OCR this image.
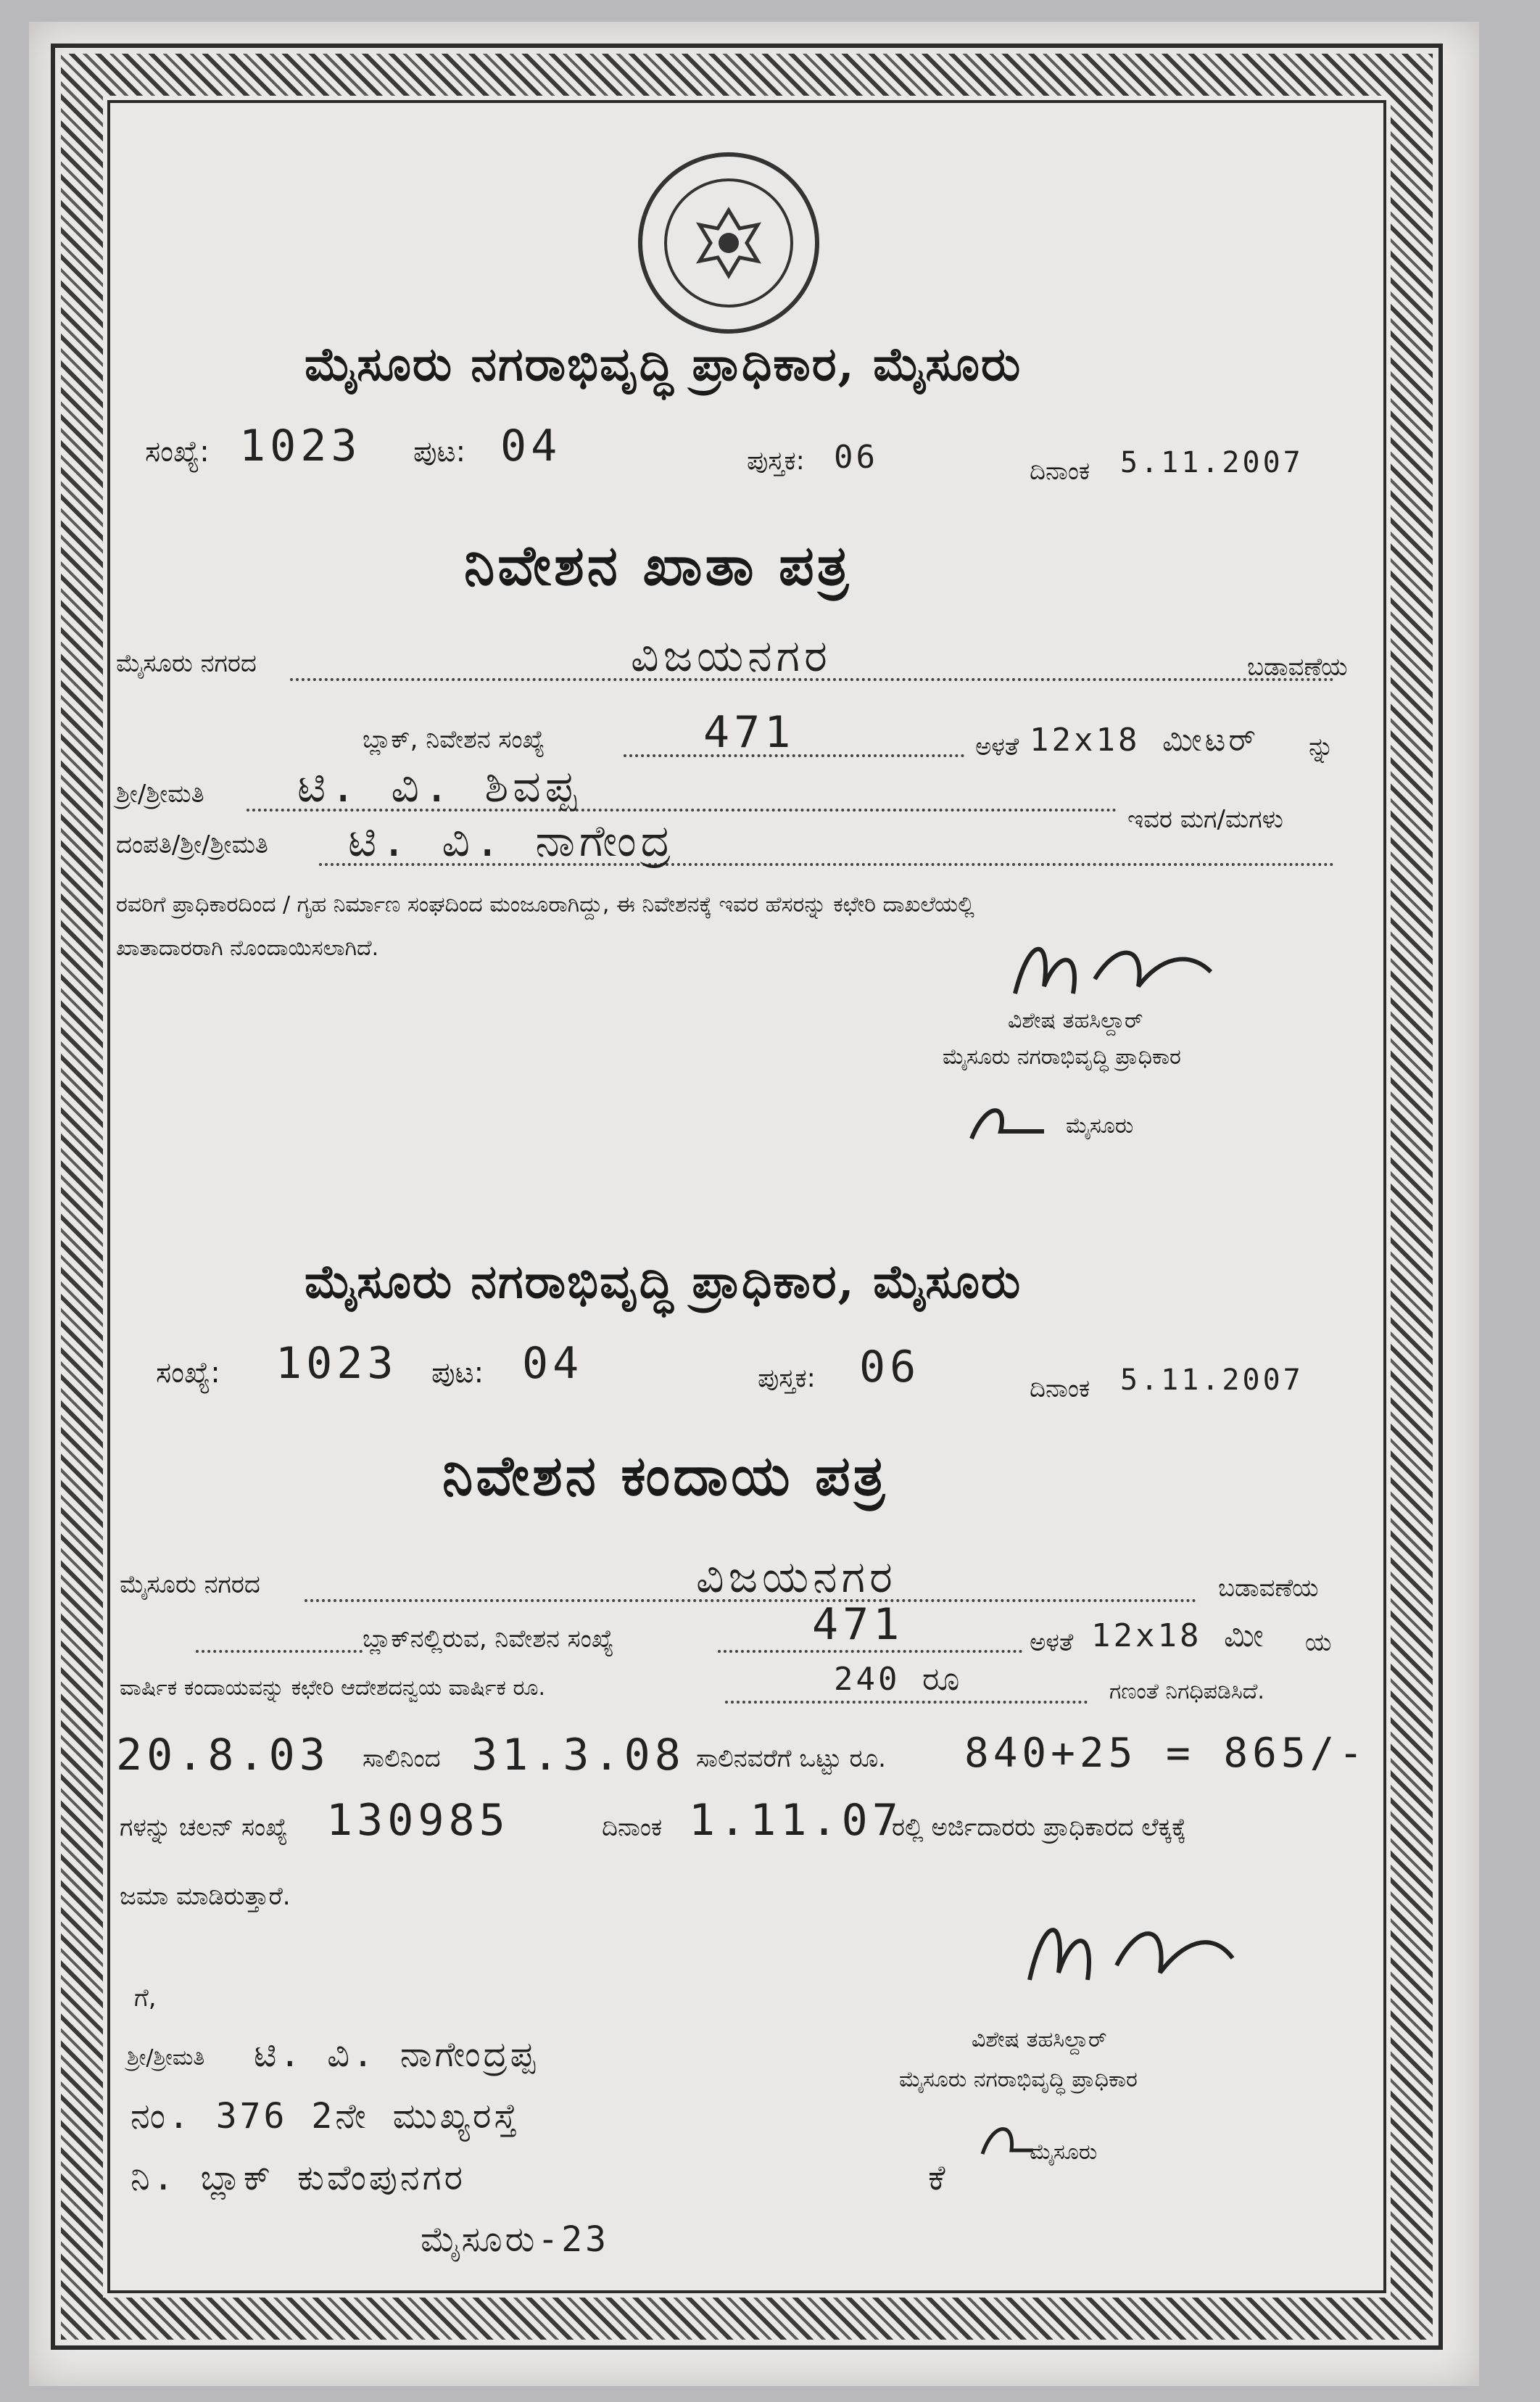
ಮೈಸೂರು ನಗರಾಭಿವೃದ್ಧಿ ಪ್ರಾಧಿಕಾರ, ಮೈಸೂರು
ಸಂಖ್ಯೆ: 1023 ಪುಟ: 04	ಪುಸ್ತಕ: 06	ದಿನಾಂಕ 5.11.2007
ನಿವೇಶನ ಖಾತಾ ಪತ್ರ
ಮೈಸೂರು ನಗರದ	ವಿಜಯನಗರ	ಬಡಾವಣೆಯ
ಬ್ಲಾಕ್, ನಿವೇಶನ ಸಂಖ್ಯೆ	471	ಅಳತೆ 12x18 ಮೀಟರ್ ನ್ನು
ಶ್ರೀ/ಶ್ರೀಮತಿ ಟಿ. ವಿ. ಶಿವಪ್ಪ
ಇವರ ಮಗ/ಮಗಳು
ದಂಪತಿ/ಶ್ರೀ/ಶ್ರೀಮತಿ ಟಿ. ವಿ. ನಾಗೇಂದ್ರ
ರವರಿಗೆ ಪ್ರಾಧಿಕಾರದಿಂದ / ಗೃಹ ನಿರ್ಮಾಣ ಸಂಘದಿಂದ ಮಂಜೂರಾಗಿದ್ದು, ಈ ನಿವೇಶನಕ್ಕೆ ಇವರ ಹೆಸರನ್ನು ಕಛೇರಿ ದಾಖಲೆಯಲ್ಲಿ
ಖಾತಾದಾರರಾಗಿ ನೊಂದಾಯಿಸಲಾಗಿದೆ.
ವಿಶೇಷ ತಹಸಿಲ್ದಾರ್
ಮೈಸೂರು ನಗರಾಭಿವೃದ್ಧಿ ಪ್ರಾಧಿಕಾರ
ಮೈಸೂರು
ಮೈಸೂರು ನಗರಾಭಿವೃದ್ಧಿ ಪ್ರಾಧಿಕಾರ, ಮೈಸೂರು
ಸಂಖ್ಯೆ: 1023 ಪುಟ: 04	ಪುಸ್ತಕ: 06	ದಿನಾಂಕ 5.11.2007
ನಿವೇಶನ ಕಂದಾಯ ಪತ್ರ
ಮೈಸೂರು ನಗರದ	ವಿಜಯನಗರ	ಬಡಾವಣೆಯ
ಬ್ಲಾಕ್‌ನಲ್ಲಿರುವ, ನಿವೇಶನ ಸಂಖ್ಯೆ	471	ಅಳತೆ 12x18 ಮೀ ಯ
ವಾರ್ಷಿಕ ಕಂದಾಯವನ್ನು ಕಛೇರಿ ಆದೇಶದನ್ವಯ ವಾರ್ಷಿಕ ರೂ.	240 ರೂ	ಗಣಂತೆ ನಿಗಧಿಪಡಿಸಿದೆ.
20.8.03 ಸಾಲಿನಿಂದ 31.3.08 ಸಾಲಿನವರೆಗೆ ಒಟ್ಟು ರೂ. 840+25 = 865/-
ಗಳನ್ನು ಚಲನ್ ಸಂಖ್ಯೆ 130985	ದಿನಾಂಕ 1.11.07
ರಲ್ಲಿ ಅರ್ಜಿದಾರರು ಪ್ರಾಧಿಕಾರದ ಲೆಕ್ಕಕ್ಕೆ
ಜಮಾ ಮಾಡಿರುತ್ತಾರೆ.
ಗೆ,
ಶ್ರೀ/ಶ್ರೀಮತಿ ಟಿ. ವಿ. ನಾಗೇಂದ್ರಪ್ಪ
ನಂ. 376 2ನೇ ಮುಖ್ಯರಸ್ತೆ
ನಿ. ಬ್ಲಾಕ್ ಕುವೆಂಪುನಗರ	ಕೆ
ಮೈಸೂರು-23
ವಿಶೇಷ ತಹಸಿಲ್ದಾರ್
ಮೈಸೂರು ನಗರಾಭಿವೃದ್ಧಿ ಪ್ರಾಧಿಕಾರ
ಮೈಸೂರು
